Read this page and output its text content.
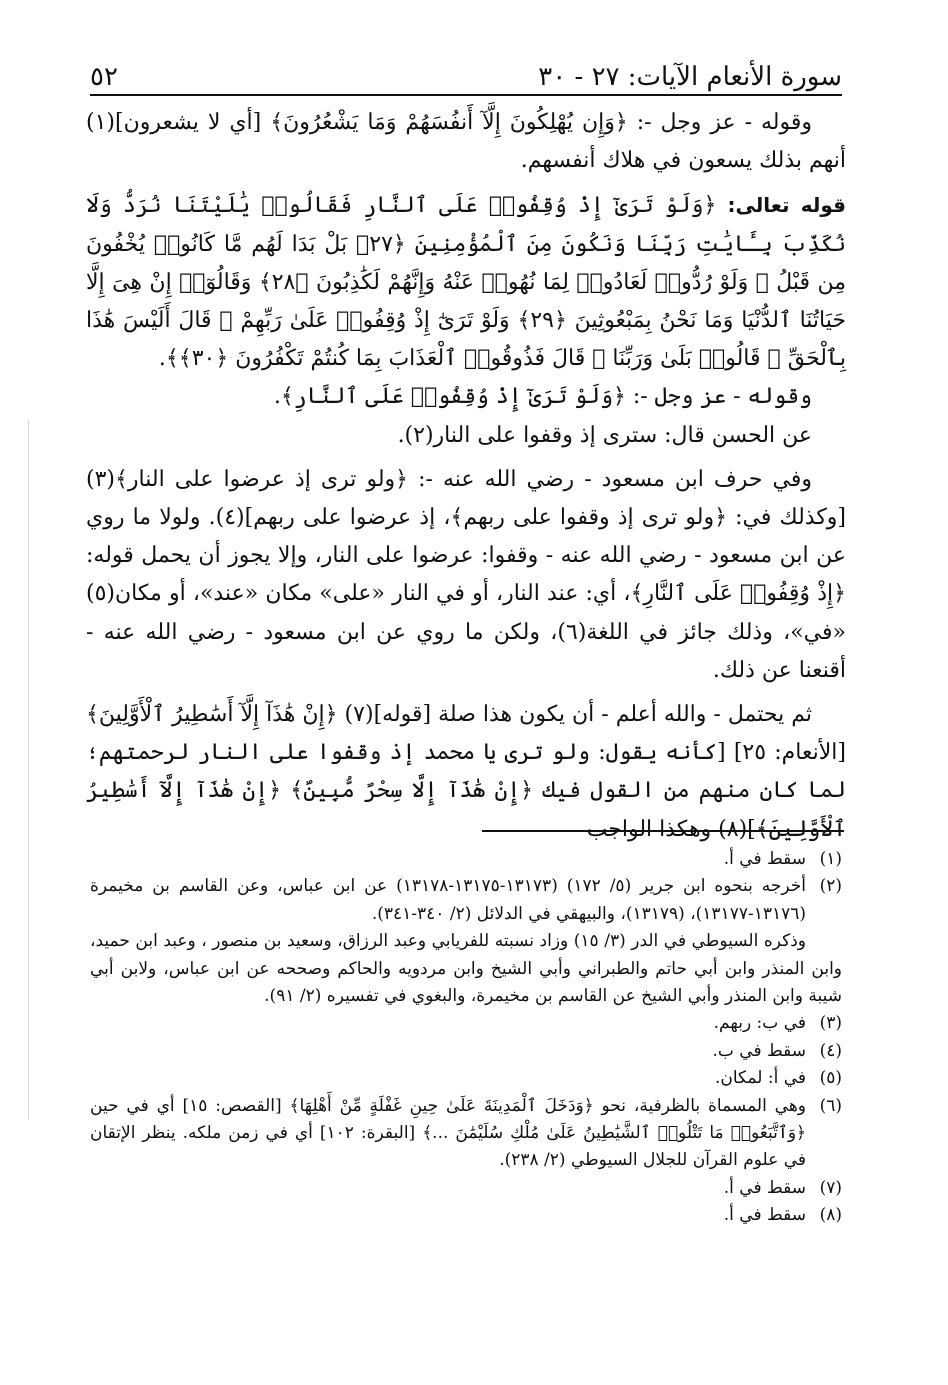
سورة الأنعام الآيات: ٢٧ - ٣٠
٥٢

وقوله - عز وجل -: ﴿وَإِن يُهْلِكُونَ إِلَّآ أَنفُسَهُمْ وَمَا يَشْعُرُونَ﴾ [أي لا يشعرون](١) أنهم بذلك يسعون في هلاك أنفسهم.

قوله تعالى: ﴿وَلَوْ تَرَىٰٓ إِذْ وُقِفُوا۟ عَلَى ٱلنَّارِ فَقَالُوا۟ يَٰلَيْتَنَا نُرَدُّ وَلَا نُكَذِّبَ بِـَٔايَٰتِ رَبِّنَا وَنَكُونَ مِنَ ٱلْمُؤْمِنِينَ ﴿٢٧﴾ بَلْ بَدَا لَهُم مَّا كَانُوا۟ يُخْفُونَ مِن قَبْلُ ۖ وَلَوْ رُدُّوا۟ لَعَادُوا۟ لِمَا نُهُوا۟ عَنْهُ وَإِنَّهُمْ لَكَٰذِبُونَ ﴿٢٨﴾ وَقَالُوٓا۟ إِنْ هِىَ إِلَّا حَيَاتُنَا ٱلدُّنْيَا وَمَا نَحْنُ بِمَبْعُوثِينَ ﴿٢٩﴾ وَلَوْ تَرَىٰٓ إِذْ وُقِفُوا۟ عَلَىٰ رَبِّهِمْ ۚ قَالَ أَلَيْسَ هَٰذَا بِٱلْحَقِّ ۚ قَالُوا۟ بَلَىٰ وَرَبِّنَا ۚ قَالَ فَذُوقُوا۟ ٱلْعَذَابَ بِمَا كُنتُمْ تَكْفُرُونَ ﴿٣٠﴾﴾.

وقوله - عز وجل -: ﴿وَلَوْ تَرَىٰٓ إِذْ وُقِفُوا۟ عَلَى ٱلنَّارِ﴾.

عن الحسن قال: سترى إذ وقفوا على النار(٢).

وفي حرف ابن مسعود - رضي الله عنه -: ﴿ولو ترى إذ عرضوا على النار﴾(٣) [وكذلك في: ﴿ولو ترى إذ وقفوا على ربهم﴾، إذ عرضوا على ربهم](٤). ولولا ما روي عن ابن مسعود - رضي الله عنه - وقفوا: عرضوا على النار، وإلا يجوز أن يحمل قوله: ﴿إِذْ وُقِفُوا۟ عَلَى ٱلنَّارِ﴾، أي: عند النار، أو في النار «على» مكان «عند»، أو مكان(٥) «في»، وذلك جائز في اللغة(٦)، ولكن ما روي عن ابن مسعود - رضي الله عنه - أقنعنا عن ذلك.

ثم يحتمل - والله أعلم - أن يكون هذا صلة [قوله](٧) ﴿إِنْ هَٰذَآ إِلَّآ أَسَٰطِيرُ ٱلْأَوَّلِينَ﴾ [الأنعام: ٢٥] [كأنه يقول: ولو ترى يا محمد إذ وقفوا على النار لرحمتهم؛ لما كان منهم من القول فيك ﴿إِنْ هَٰذَآ إِلَّا سِحْرٌ مُّبِينٌ﴾ ﴿إِنْ هَٰذَآ إِلَّآ أَسَٰطِيرُ ٱلْأَوَّلِينَ﴾](٨) وهكذا الواجب

(١)
سقط في أ.
(٢)
أخرجه بنحوه ابن جرير (٥/ ١٧٢) (١٣١٧٣-١٣١٧٥-١٣١٧٨) عن ابن عباس، وعن القاسم بن مخيمرة (١٣١٧٦-١٣١٧٧)، (١٣١٧٩)، والبيهقي في الدلائل (٢/ ٣٤٠-٣٤١).
وذكره السيوطي في الدر (٣/ ١٥) وزاد نسبته للفريابي وعبد الرزاق، وسعيد بن منصور ، وعبد ابن حميد، وابن المنذر وابن أبي حاتم والطبراني وأبي الشيخ وابن مردويه والحاكم وصححه عن ابن عباس، ولابن أبي شيبة وابن المنذر وأبي الشيخ عن القاسم بن مخيمرة، والبغوي في تفسيره (٢/ ٩١).
(٣)
في ب: ربهم.
(٤)
سقط في ب.
(٥)
في أ: لمكان.
(٦)
وهي المسماة بالظرفية، نحو ﴿وَدَخَلَ ٱلْمَدِينَةَ عَلَىٰ حِينِ غَفْلَةٍ مِّنْ أَهْلِهَا﴾ [القصص: ١٥] أي في حين ﴿وَٱتَّبَعُوا۟ مَا تَتْلُوا۟ ٱلشَّيَٰطِينُ عَلَىٰ مُلْكِ سُلَيْمَٰنَ ...﴾ [البقرة: ١٠٢] أي في زمن ملكه. ينظر الإتقان في علوم القرآن للجلال السيوطي (٢/ ٢٣٨).
(٧)
سقط في أ.
(٨)
سقط في أ.
